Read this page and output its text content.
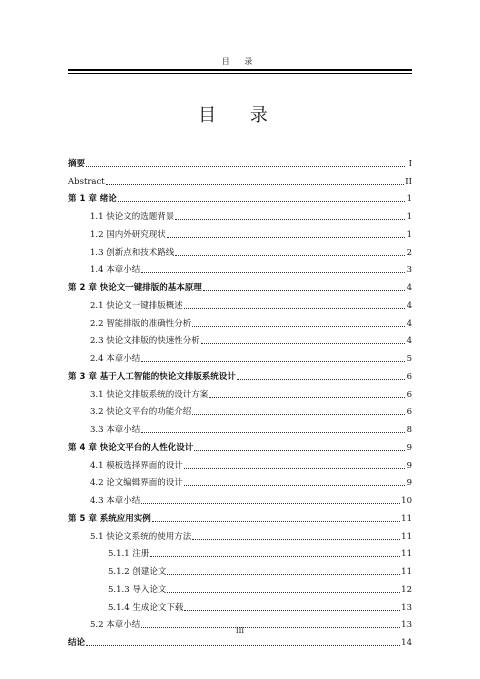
目 录
目 录
摘要	I
Abstract	II
第 1 章 绪论	1
1.1 快论文的选题背景	1
1.2 国内外研究现状	1
1.3 创新点和技术路线	2
1.4 本章小结	3
第 2 章 快论文一键排版的基本原理	4
2.1 快论文一键排版概述	4
2.2 智能排版的准确性分析	4
2.3 快论文排版的快速性分析	4
2.4 本章小结	5
第 3 章 基于人工智能的快论文排版系统设计	6
3.1 快论文排版系统的设计方案	6
3.2 快论文平台的功能介绍	6
3.3 本章小结	8
第 4 章 快论文平台的人性化设计	9
4.1 模板选择界面的设计	9
4.2 论文编辑界面的设计	9
4.3 本章小结	10
第 5 章 系统应用实例	11
5.1 快论文系统的使用方法	11
5.1.1 注册	11
5.1.2 创建论文	11
5.1.3 导入论文	12
5.1.4 生成论文下载	13
5.2 本章小结	13
结论	14
III
